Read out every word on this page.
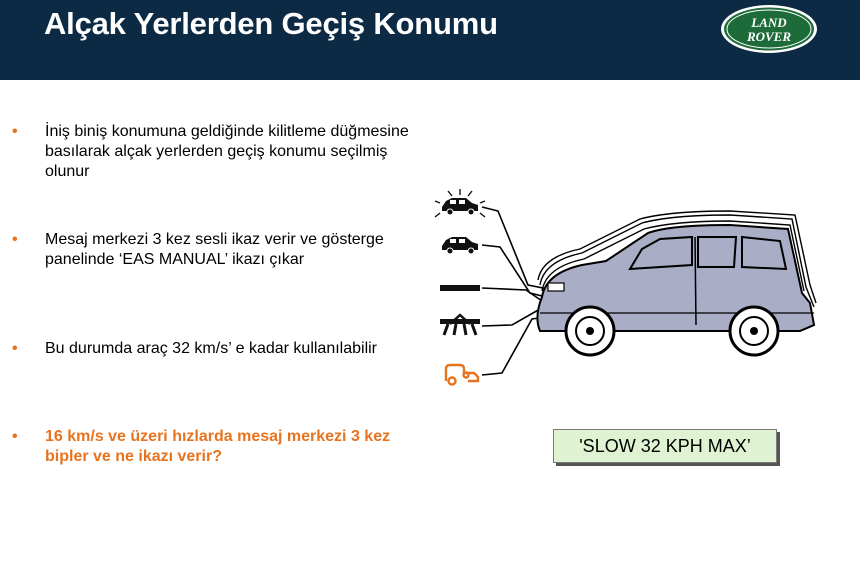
Alçak Yerlerden Geçiş Konumu	LAND
ROVER
• İniş biniş konumuna geldiğinde kilitleme düğmesine basılarak alçak yerlerden geçiş konumu seçilmiş olunur
• Mesaj merkezi 3 kez sesli ikaz verir ve gösterge panelinde ‘EAS MANUAL’ ikazı çıkar
• Bu durumda araç 32 km/s’ e kadar kullanılabilir
• 16 km/s ve üzeri hızlarda mesaj merkezi 3 kez bipler ve ne ikazı verir?
'SLOW 32 KPH MAX’
